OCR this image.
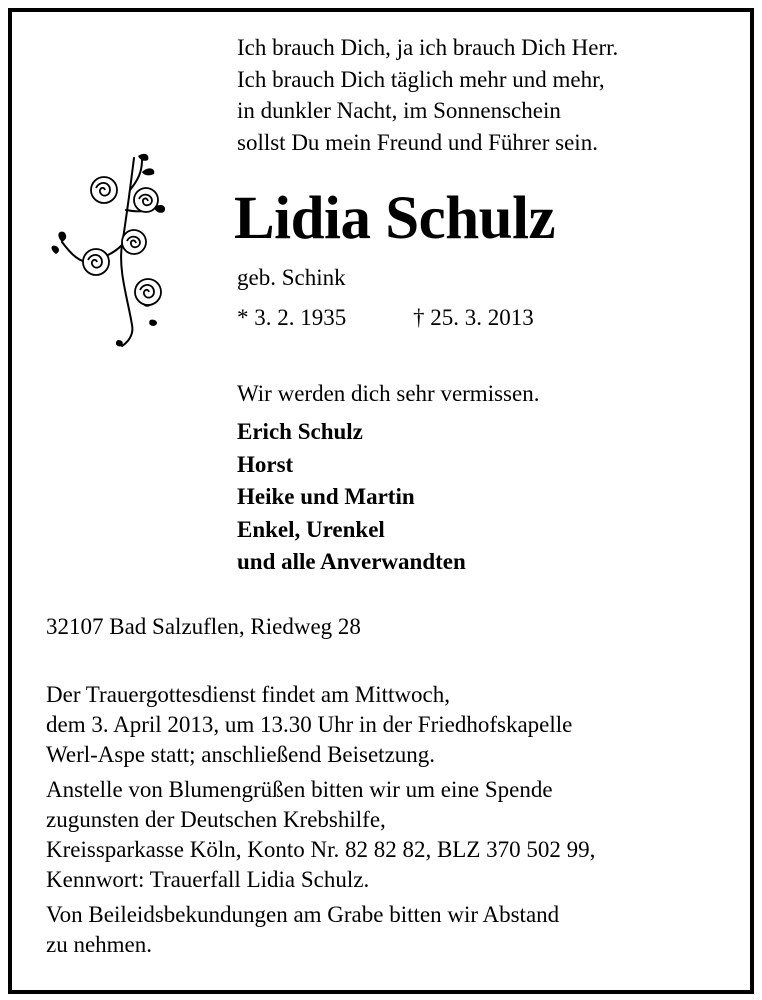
Ich brauch Dich, ja ich brauch Dich Herr.
Ich brauch Dich täglich mehr und mehr,
in dunkler Nacht, im Sonnenschein
sollst Du mein Freund und Führer sein.
Lidia Schulz
geb. Schink
* 3. 2. 1935	† 25. 3. 2013
Wir werden dich sehr vermissen.
Erich Schulz
Horst
Heike und Martin
Enkel, Urenkel
und alle Anverwandten
32107 Bad Salzuflen, Riedweg 28
Der Trauergottesdienst findet am Mittwoch,
dem 3. April 2013, um 13.30 Uhr in der Friedhofskapelle
Werl-Aspe statt; anschließend Beisetzung.
Anstelle von Blumengrüßen bitten wir um eine Spende
zugunsten der Deutschen Krebshilfe,
Kreissparkasse Köln, Konto Nr. 82 82 82, BLZ 370 502 99,
Kennwort: Trauerfall Lidia Schulz.
Von Beileidsbekundungen am Grabe bitten wir Abstand
zu nehmen.
